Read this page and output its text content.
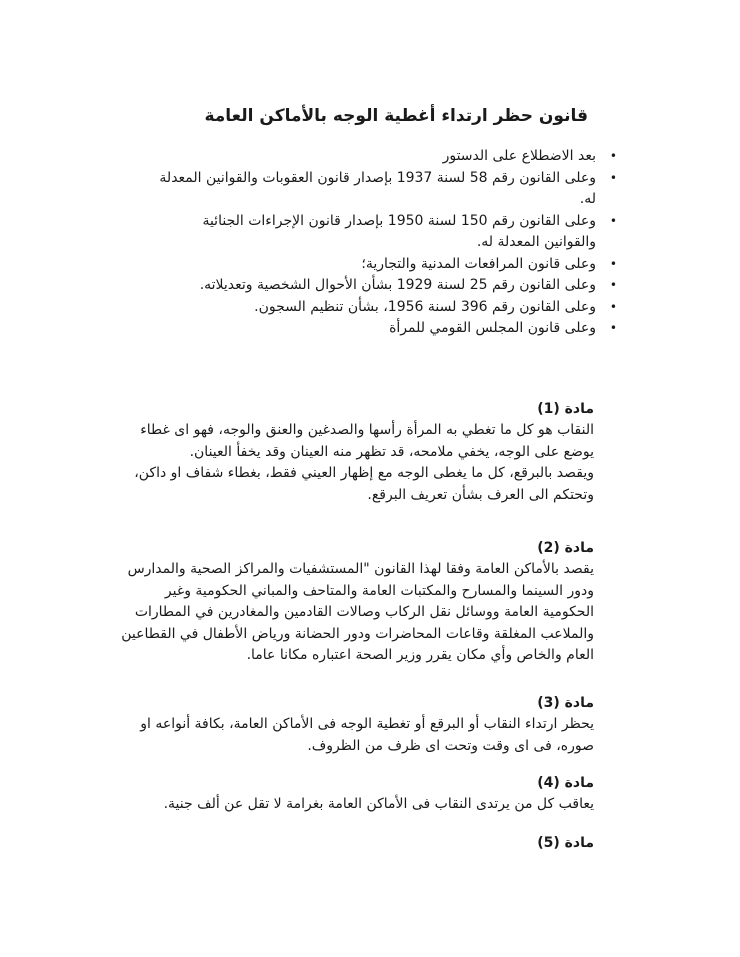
قانون حظر ارتداء أغطية الوجه بالأماكن العامة
•
بعد الاضطلاع على الدستور
•
وعلى القانون رقم 58 لسنة 1937 بإصدار قانون العقوبات والقوانين المعدلة له.
•
وعلى القانون رقم 150 لسنة 1950 بإصدار قانون الإجراءات الجنائية والقوانين المعدلة له.
•
وعلى قانون المرافعات المدنية والتجارية؛
•
وعلى القانون رقم 25 لسنة 1929 بشأن الأحوال الشخصية وتعديلاته.
•
وعلى القانون رقم 396 لسنة 1956، بشأن تنظيم السجون.
•
وعلى قانون المجلس القومي للمرأة
مادة (1)

النقاب هو كل ما تغطي به المرأة رأسها والصدغين والعنق والوجه، فهو اى غطاء يوضع على الوجه، يخفي ملامحه، قد تظهر منه العينان وقد يخفأ العينان.

ويقصد بالبرقع، كل ما يغطى الوجه مع إظهار العيني فقط، بغطاء شفاف او داكن، وتحتكم الى العرف بشأن تعريف البرقع.

مادة (2)

يقصد بالأماكن العامة وفقا لهذا القانون "المستشفيات والمراكز الصحية والمدارس ودور السينما والمسارح والمكتبات العامة والمتاحف والمباني الحكومية وغير الحكومية العامة ووسائل نقل الركاب وصالات القادمين والمغادرين في المطارات والملاعب المغلقة وقاعات المحاضرات ودور الحضانة ورياض الأطفال في القطاعين العام والخاص وأي مكان يقرر وزير الصحة اعتباره مكانا عاما.

مادة (3)

يحظر ارتداء النقاب أو البرقع أو تغطية الوجه فى الأماكن العامة، بكافة أنواعه او صوره، فى اى وقت وتحت اى ظرف من الظروف.

مادة (4)

يعاقب كل من يرتدى النقاب فى الأماكن العامة بغرامة لا تقل عن ألف جنية.

مادة (5)
